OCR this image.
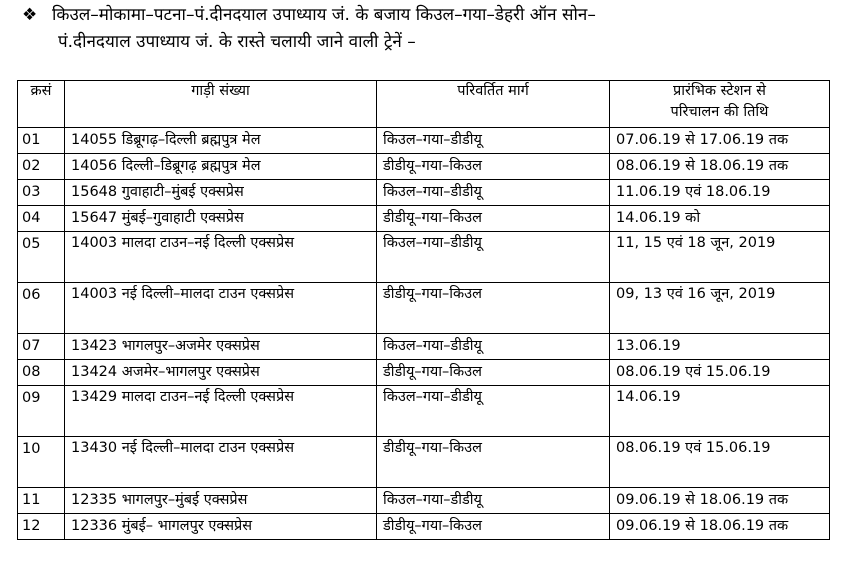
❖ किउल–मोकामा–पटना–पं.दीनदयाल उपाध्याय जं. के बजाय किउल–गया–डेहरी ऑन सोन–
पं.दीनदयाल उपाध्याय जं. के रास्ते चलायी जाने वाली ट्रेनें –
क्रसं	गाड़ी संख्या	परिवर्तित मार्ग	प्रारंभिक स्टेशन से
परिचालन की तिथि
01	14055 डिब्रूगढ़–दिल्ली ब्रह्मपुत्र मेल	किउल–गया–डीडीयू	07.06.19 से 17.06.19 तक
02	14056 दिल्ली–डिब्रूगढ़ ब्रह्मपुत्र मेल	डीडीयू–गया–किउल	08.06.19 से 18.06.19 तक
03	15648 गुवाहाटी–मुंबई एक्सप्रेस	किउल–गया–डीडीयू	11.06.19 एवं 18.06.19
04	15647 मुंबई–गुवाहाटी एक्सप्रेस	डीडीयू–गया–किउल	14.06.19 को
05	14003 मालदा टाउन–नई दिल्ली एक्सप्रेस	किउल–गया–डीडीयू	11, 15 एवं 18 जून, 2019
06	14003 नई दिल्ली–मालदा टाउन एक्सप्रेस	डीडीयू–गया–किउल	09, 13 एवं 16 जून, 2019
07	13423 भागलपुर–अजमेर एक्सप्रेस	किउल–गया–डीडीयू	13.06.19
08	13424 अजमेर–भागलपुर एक्सप्रेस	डीडीयू–गया–किउल	08.06.19 एवं 15.06.19
09	13429 मालदा टाउन–नई दिल्ली एक्सप्रेस	किउल–गया–डीडीयू	14.06.19
10	13430 नई दिल्ली–मालदा टाउन एक्सप्रेस	डीडीयू–गया–किउल	08.06.19 एवं 15.06.19
11	12335 भागलपुर–मुंबई एक्सप्रेस	किउल–गया–डीडीयू	09.06.19 से 18.06.19 तक
12	12336 मुंबई– भागलपुर एक्सप्रेस	डीडीयू–गया–किउल	09.06.19 से 18.06.19 तक
